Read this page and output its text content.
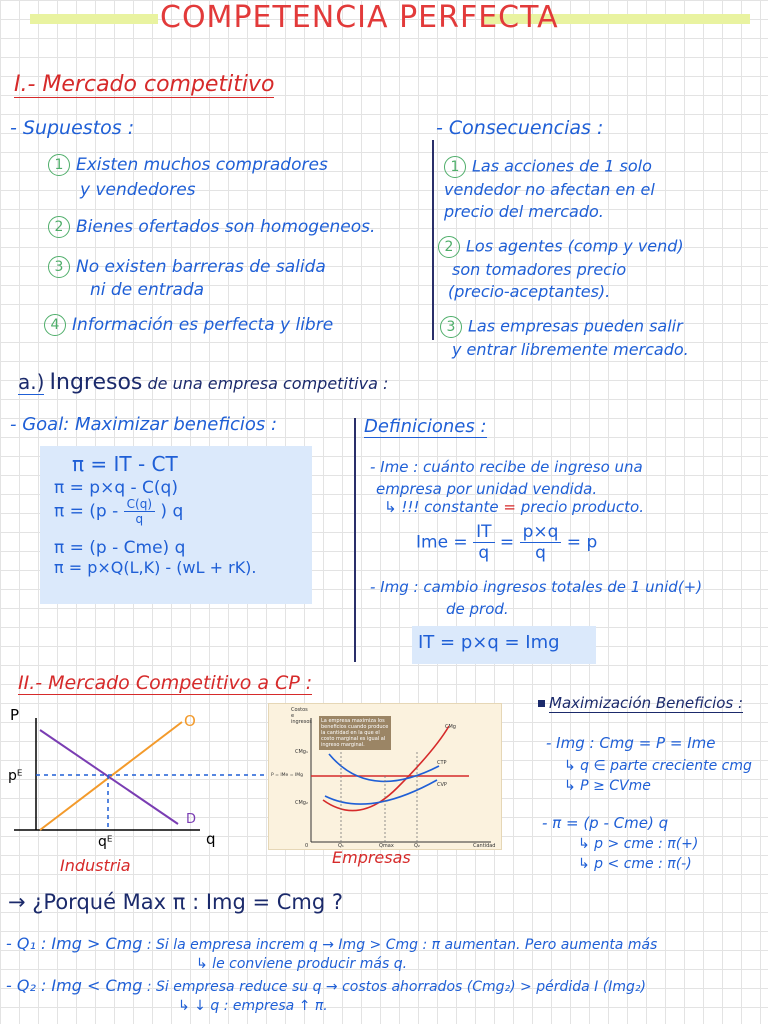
COMPETENCIA PERFECTA
I.- Mercado competitivo
- Supuestos :
1 Existen muchos compradores
y vendedores
2 Bienes ofertados son homogeneos.
3 No existen barreras de salida
ni de entrada
4 Información es perfecta y libre
- Consecuencias :
1 Las acciones de 1 solo
vendedor no afectan en el
precio del mercado.
2 Los agentes (comp y vend)
son tomadores precio
(precio-aceptantes).
3 Las empresas pueden salir
y entrar libremente mercado.
a.) Ingresos de una empresa competitiva :
- Goal: Maximizar beneficios :
π = IT - CT
π = p×q - C(q)
$\pi = (p - \frac{C(q)}{q}$ ) q
π = (p - Cme) q
π = p×Q(L,K) - (wL + rK).
Definiciones :
- Ime : cuánto recibe de ingreso una
empresa por unidad vendida.
↳ !!! constante = precio producto.
Ime = $\frac{IT}{q} = \frac{p\times q}{q} = p$
- Img : cambio ingresos totales de 1 unid(+)
de prod.
IT = p×q = Img
II.- Mercado Competitivo a CP :
P
q
pᴱ
qᴱ
O
D
Industria
Costos e ingresos	La empresa maximiza los beneficios cuando produce la cantidad en la que el costo marginal es igual al ingreso marginal.
CMg
CTP
CVP
P = IMe = IMg
CMg₁
CMg₂
Q₁	Qmax	Q₂
0	Cantidad
Empresas
Maximización Beneficios :
- Img : Cmg = P = Ime
↳ q ∈ parte creciente cmg
↳ P ≥ CVme
- π = (p - Cme) q
↳ p > cme : π(+)
↳ p < cme : π(-)
→ ¿Porqué Max π : Img = Cmg ?
- Q₁ : Img > Cmg : Si la empresa increm q → Img > Cmg : π aumentan. Pero aumenta más
↳ le conviene producir más q.
- Q₂ : Img < Cmg : Si empresa reduce su q → costos ahorrados (Cmg₂) > pérdida I (Img₂)
↳ ↓ q : empresa ↑ π.
